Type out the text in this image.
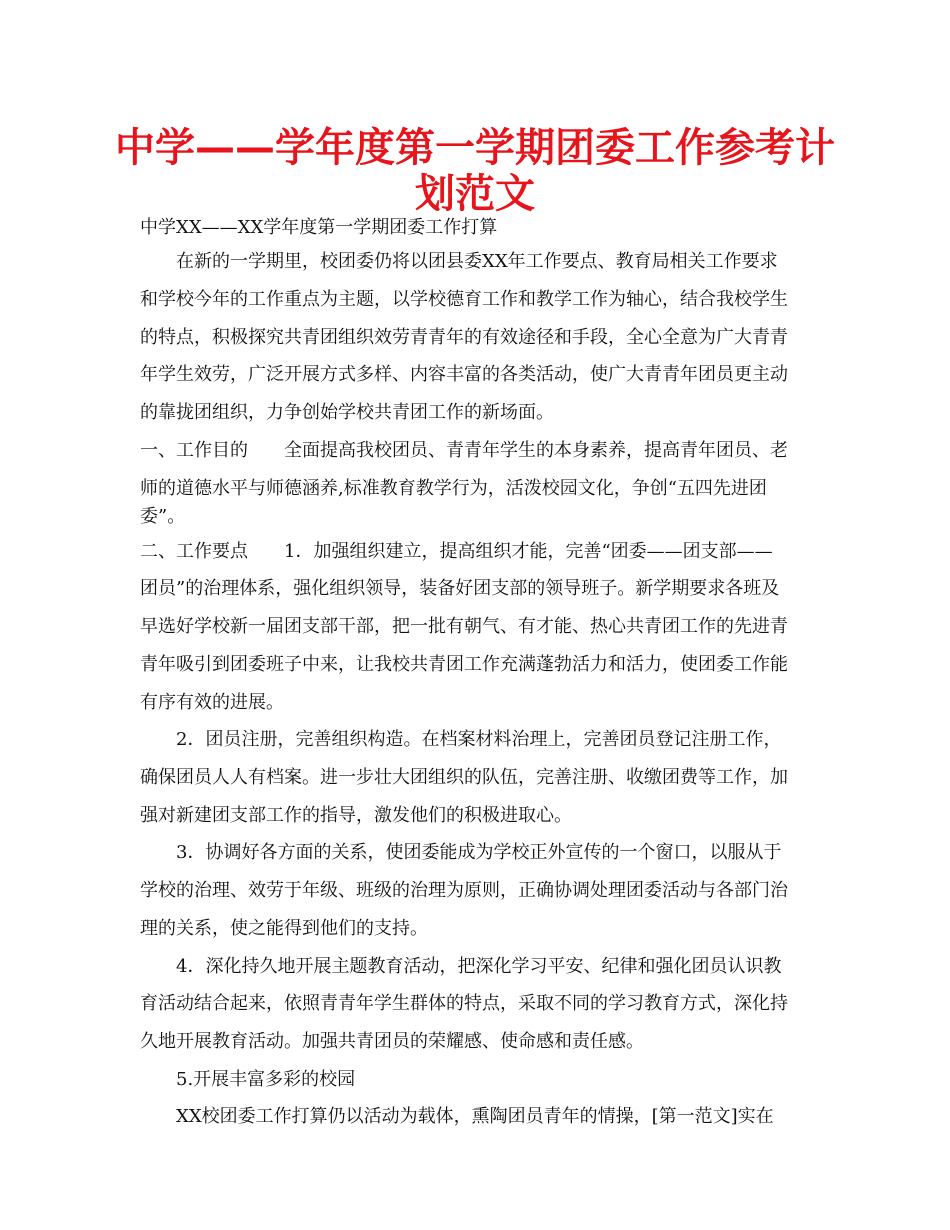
中学——学年度第一学期团委工作参考计
划范文
中学XX——XX学年度第一学期团委工作打算
在新的一学期里，校团委仍将以团县委XX年工作要点、教育局相关工作要求
和学校今年的工作重点为主题，以学校德育工作和教学工作为轴心，结合我校学生
的特点，积极探究共青团组织效劳青青年的有效途径和手段，全心全意为广大青青
年学生效劳，广泛开展方式多样、内容丰富的各类活动，使广大青青年团员更主动
的靠拢团组织，力争创始学校共青团工作的新场面。
一、工作目的　　全面提高我校团员、青青年学生的本身素养，提高青年团员、老
师的道德水平与师德涵养,标准教育教学行为，活泼校园文化，争创“五四先进团
委”。
二、工作要点　　1．加强组织建立，提高组织才能，完善“团委——团支部——
团员”的治理体系，强化组织领导，装备好团支部的领导班子。新学期要求各班及
早选好学校新一届团支部干部，把一批有朝气、有才能、热心共青团工作的先进青
青年吸引到团委班子中来，让我校共青团工作充满蓬勃活力和活力，使团委工作能
有序有效的进展。
2．团员注册，完善组织构造。在档案材料治理上，完善团员登记注册工作，
确保团员人人有档案。进一步壮大团组织的队伍，完善注册、收缴团费等工作，加
强对新建团支部工作的指导，激发他们的积极进取心。
3．协调好各方面的关系，使团委能成为学校正外宣传的一个窗口，以服从于
学校的治理、效劳于年级、班级的治理为原则，正确协调处理团委活动与各部门治
理的关系，使之能得到他们的支持。
4．深化持久地开展主题教育活动，把深化学习平安、纪律和强化团员认识教
育活动结合起来，依照青青年学生群体的特点，采取不同的学习教育方式，深化持
久地开展教育活动。加强共青团员的荣耀感、使命感和责任感。
5.开展丰富多彩的校园
XX校团委工作打算仍以活动为载体，熏陶团员青年的情操，[第一范文]实在
